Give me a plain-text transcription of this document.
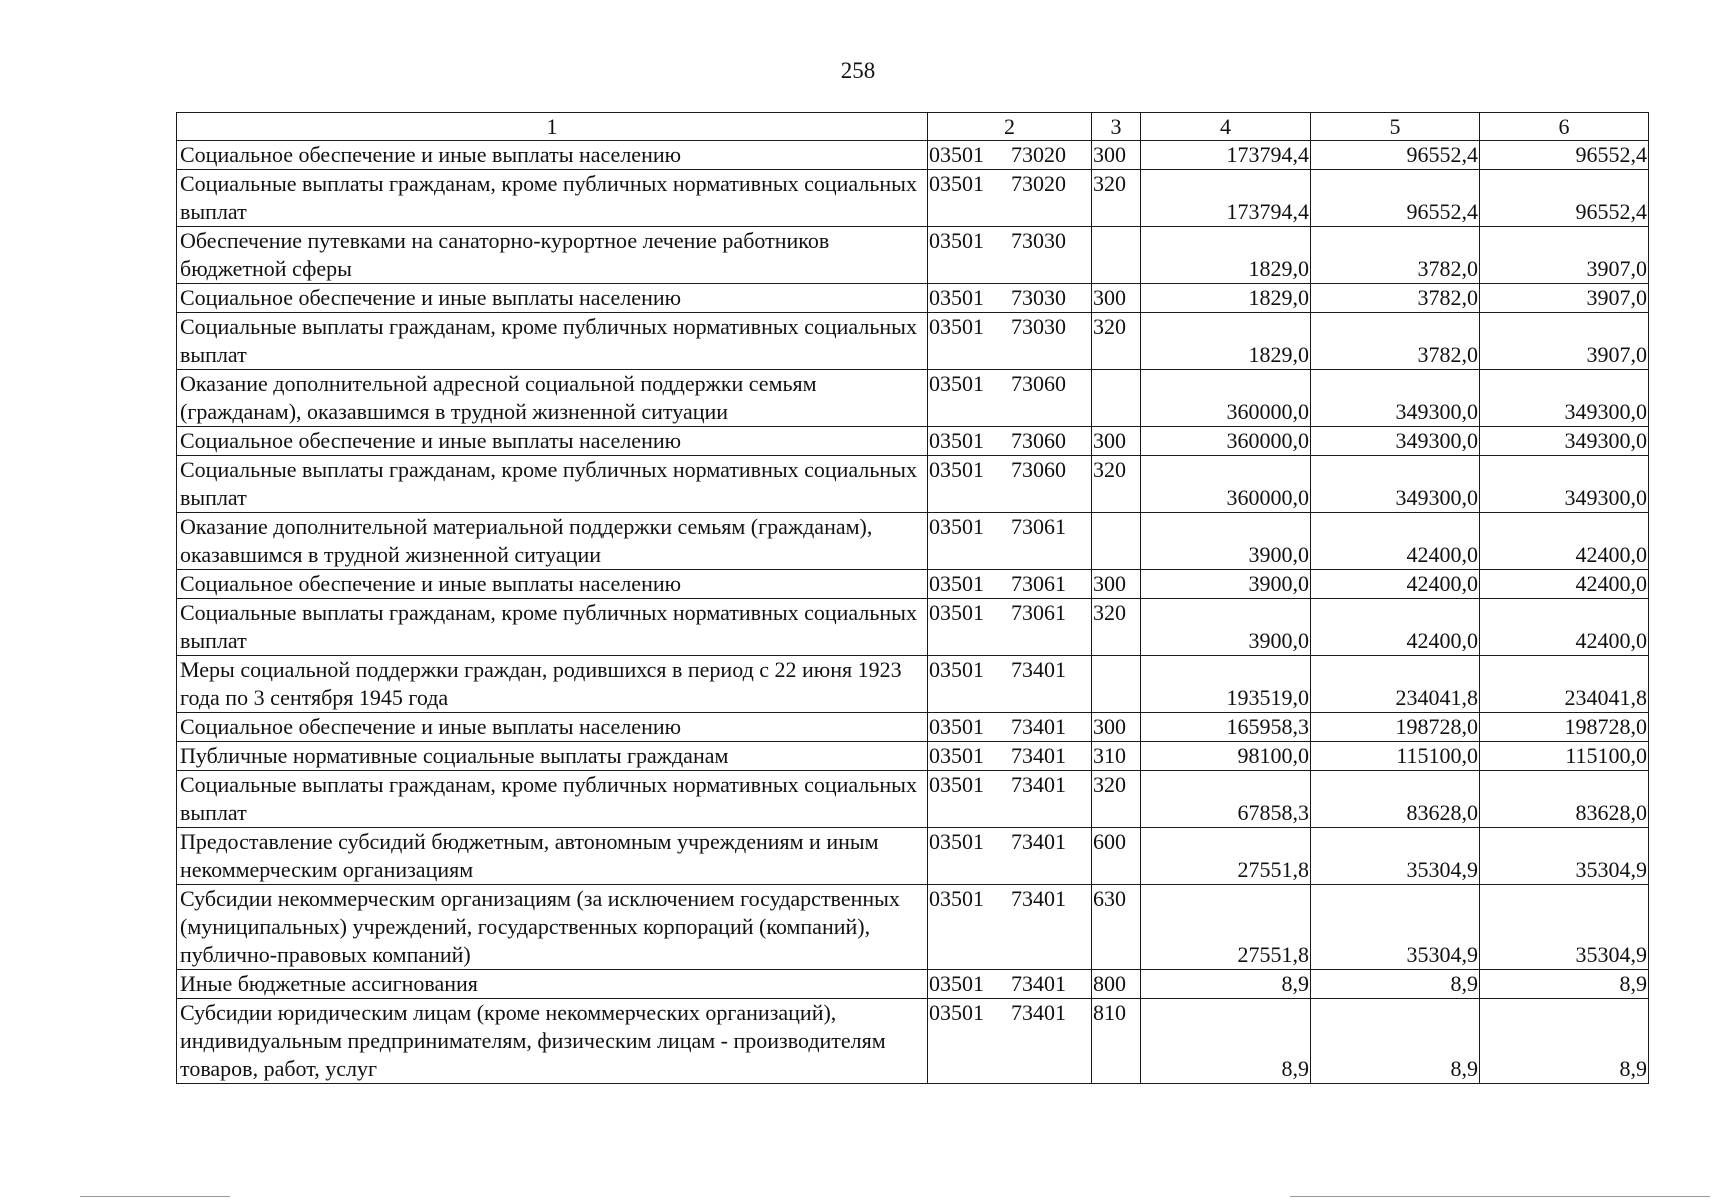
258
1	2	3	4	5	6
Социальное обеспечение и иные выплаты населению	03501 73020	300	173794,4	96552,4	96552,4
Социальные выплаты гражданам, кроме публичных нормативных социальных выплат	03501 73020	320	173794,4	96552,4	96552,4
Обеспечение путевками на санаторно-курортное лечение работников бюджетной сферы	03501 73030		1829,0	3782,0	3907,0
Социальное обеспечение и иные выплаты населению	03501 73030	300	1829,0	3782,0	3907,0
Социальные выплаты гражданам, кроме публичных нормативных социальных выплат	03501 73030	320	1829,0	3782,0	3907,0
Оказание дополнительной адресной социальной поддержки семьям (гражданам), оказавшимся в трудной жизненной ситуации	03501 73060		360000,0	349300,0	349300,0
Социальное обеспечение и иные выплаты населению	03501 73060	300	360000,0	349300,0	349300,0
Социальные выплаты гражданам, кроме публичных нормативных социальных выплат	03501 73060	320	360000,0	349300,0	349300,0
Оказание дополнительной материальной поддержки семьям (гражданам), оказавшимся в трудной жизненной ситуации	03501 73061		3900,0	42400,0	42400,0
Социальное обеспечение и иные выплаты населению	03501 73061	300	3900,0	42400,0	42400,0
Социальные выплаты гражданам, кроме публичных нормативных социальных выплат	03501 73061	320	3900,0	42400,0	42400,0
Меры социальной поддержки граждан, родившихся в период с 22 июня 1923 года по 3 сентября 1945 года	03501 73401		193519,0	234041,8	234041,8
Социальное обеспечение и иные выплаты населению	03501 73401	300	165958,3	198728,0	198728,0
Публичные нормативные социальные выплаты гражданам	03501 73401	310	98100,0	115100,0	115100,0
Социальные выплаты гражданам, кроме публичных нормативных социальных выплат	03501 73401	320	67858,3	83628,0	83628,0
Предоставление субсидий бюджетным, автономным учреждениям и иным некоммерческим организациям	03501 73401	600	27551,8	35304,9	35304,9
Субсидии некоммерческим организациям (за исключением государственных (муниципальных) учреждений, государственных корпораций (компаний), публично-правовых компаний)	03501 73401	630	27551,8	35304,9	35304,9
Иные бюджетные ассигнования	03501 73401	800	8,9	8,9	8,9
Субсидии юридическим лицам (кроме некоммерческих организаций), индивидуальным предпринимателям, физическим лицам - производителям товаров, работ, услуг	03501 73401	810	8,9	8,9	8,9
